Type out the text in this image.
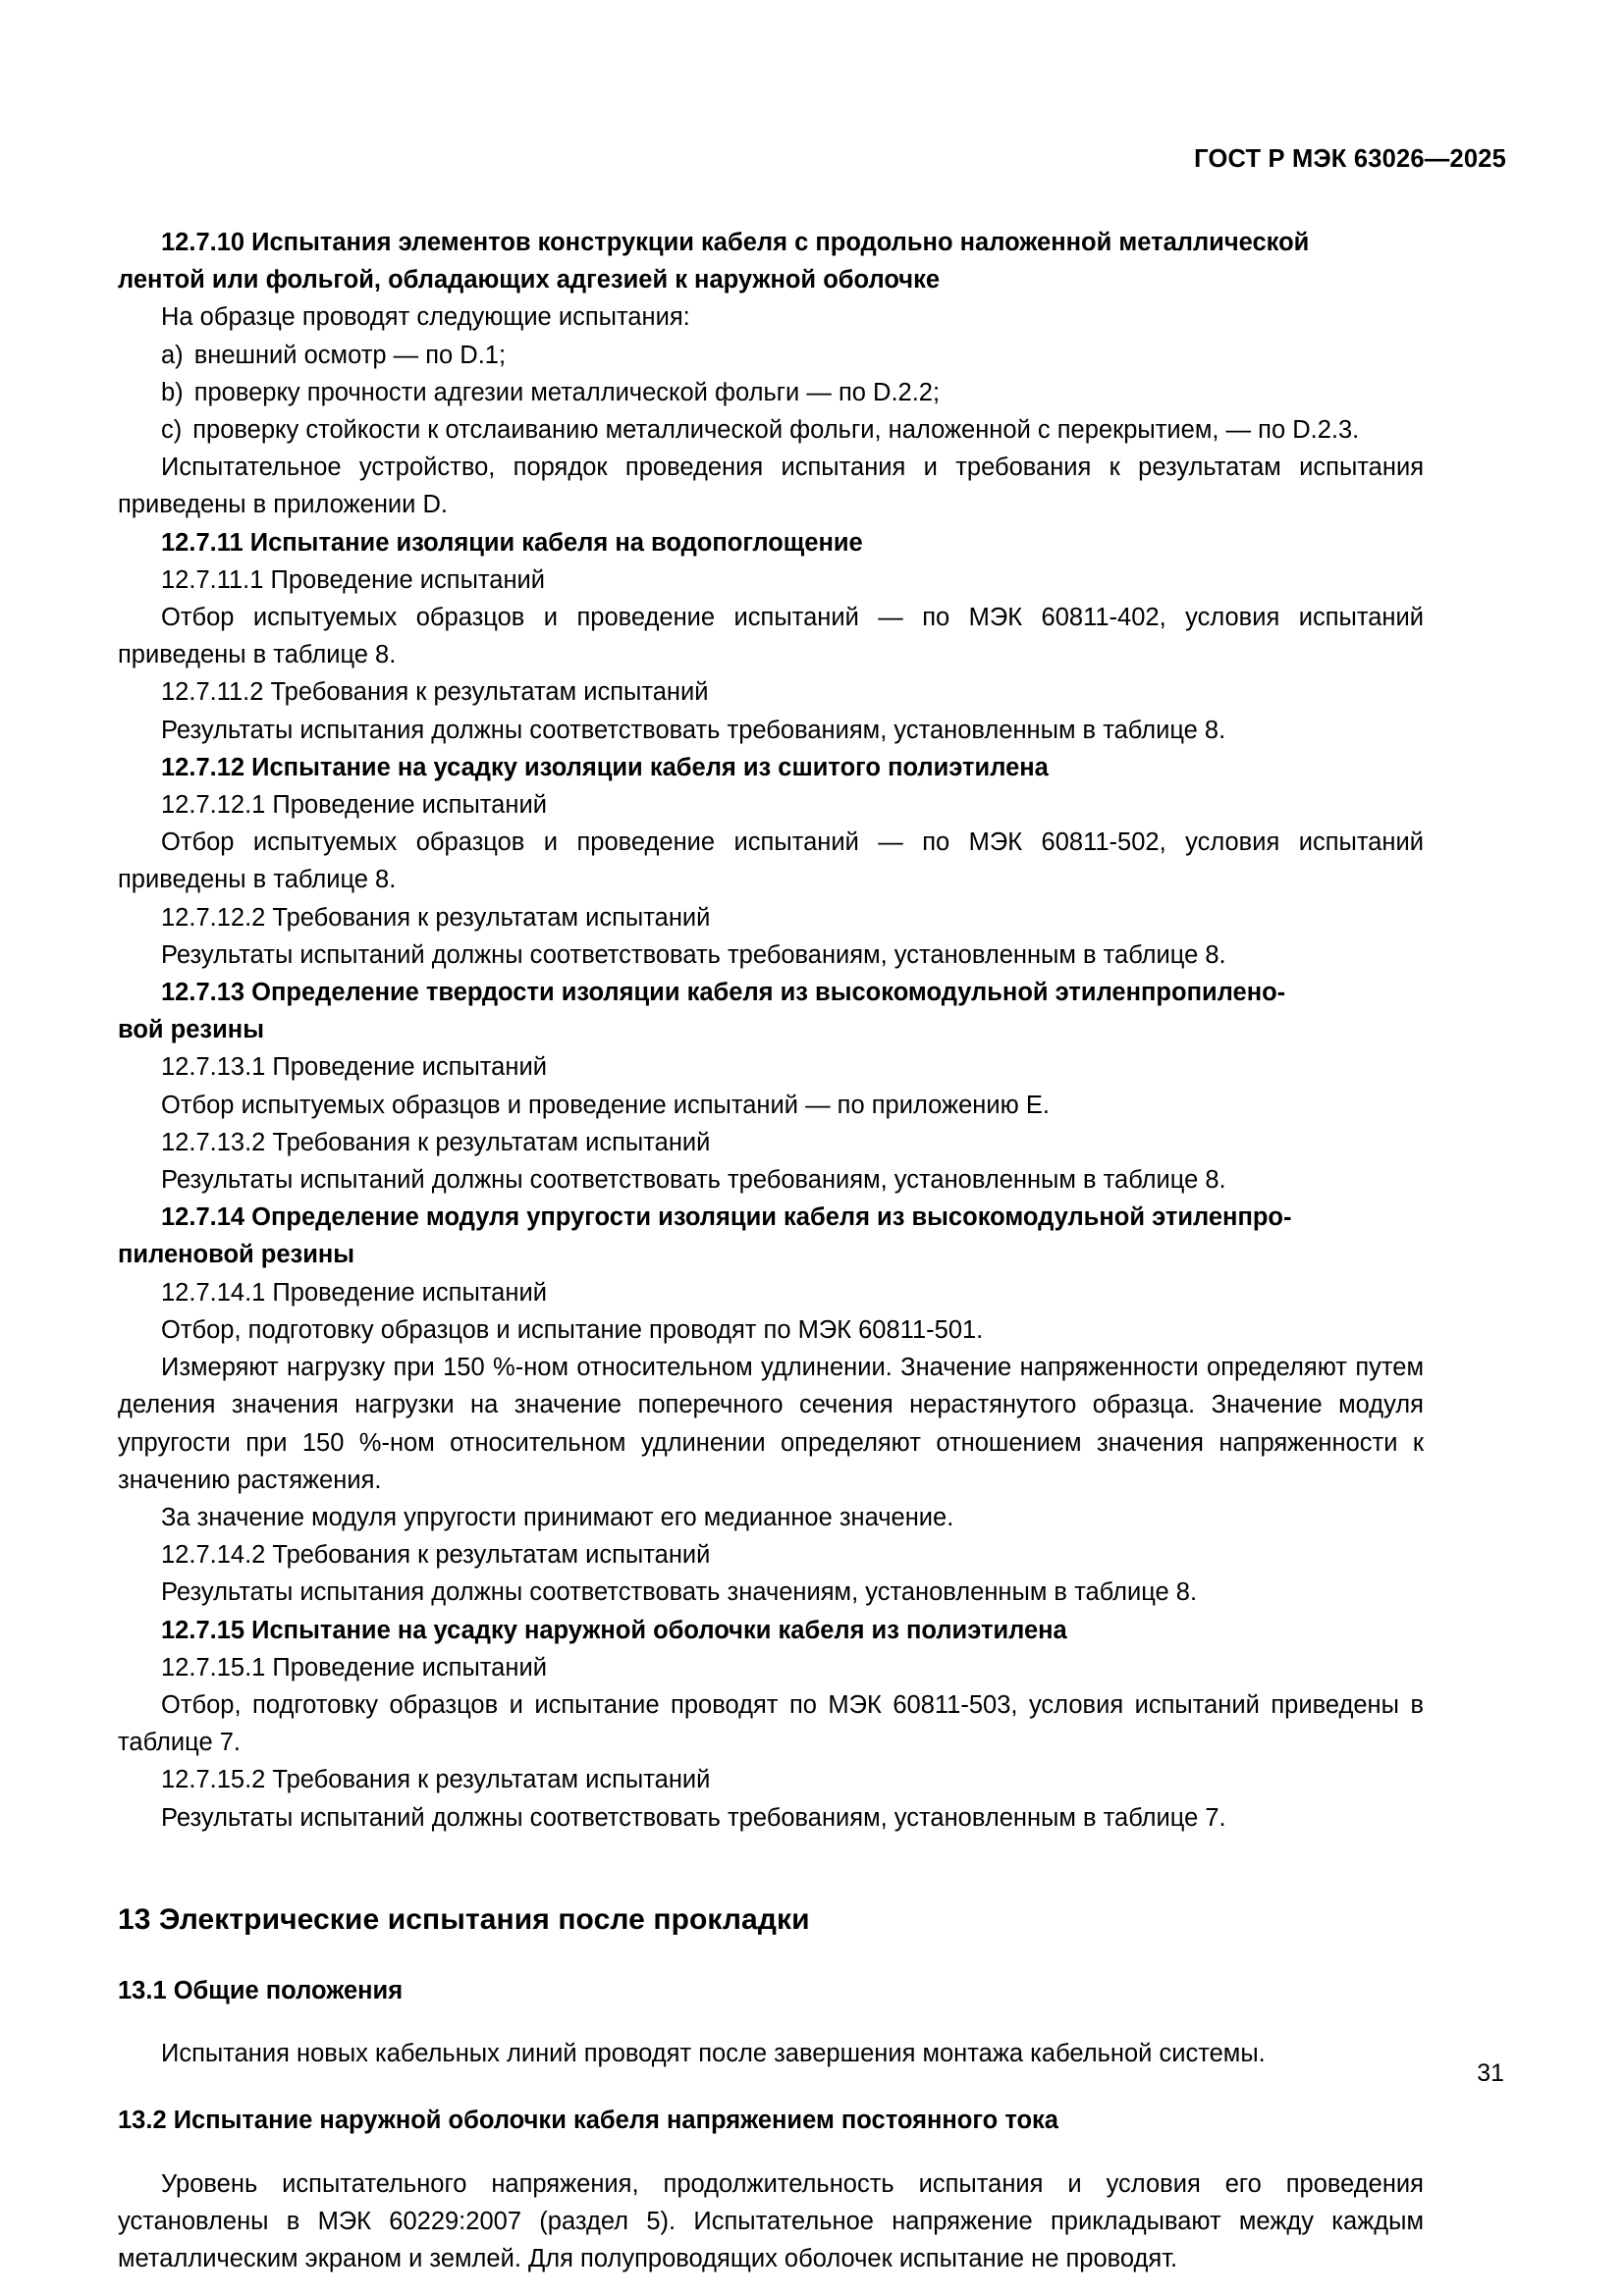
ГОСТ Р МЭК 63026—2025

12.7.10 Испытания элементов конструкции кабеля с продольно наложенной металлической

лентой или фольгой, обладающих адгезией к наружной оболочке

На образце проводят следующие испытания:

a) внешний осмотр — по D.1;

b) проверку прочности адгезии металлической фольги — по D.2.2;

c) проверку стойкости к отслаиванию металлической фольги, наложенной с перекрытием, — по D.2.3.

Испытательное устройство, порядок проведения испытания и требования к результатам испытания приведены в приложении D.

12.7.11 Испытание изоляции кабеля на водопоглощение

12.7.11.1 Проведение испытаний

Отбор испытуемых образцов и проведение испытаний — по МЭК 60811-402, условия испытаний приведены в таблице 8.

12.7.11.2 Требования к результатам испытаний

Результаты испытания должны соответствовать требованиям, установленным в таблице 8.

12.7.12 Испытание на усадку изоляции кабеля из сшитого полиэтилена

12.7.12.1 Проведение испытаний

Отбор испытуемых образцов и проведение испытаний — по МЭК 60811-502, условия испытаний приведены в таблице 8.

12.7.12.2 Требования к результатам испытаний

Результаты испытаний должны соответствовать требованиям, установленным в таблице 8.

12.7.13 Определение твердости изоляции кабеля из высокомодульной этиленпропилено-

вой резины

12.7.13.1 Проведение испытаний

Отбор испытуемых образцов и проведение испытаний — по приложению E.

12.7.13.2 Требования к результатам испытаний

Результаты испытаний должны соответствовать требованиям, установленным в таблице 8.

12.7.14 Определение модуля упругости изоляции кабеля из высокомодульной этиленпро-

пиленовой резины

12.7.14.1 Проведение испытаний

Отбор, подготовку образцов и испытание проводят по МЭК 60811-501.

Измеряют нагрузку при 150 %-ном относительном удлинении. Значение напряженности определяют путем деления значения нагрузки на значение поперечного сечения нерастянутого образца. Значение модуля упругости при 150 %-ном относительном удлинении определяют отношением значения напряженности к значению растяжения.

За значение модуля упругости принимают его медианное значение.

12.7.14.2 Требования к результатам испытаний

Результаты испытания должны соответствовать значениям, установленным в таблице 8.

12.7.15 Испытание на усадку наружной оболочки кабеля из полиэтилена

12.7.15.1 Проведение испытаний

Отбор, подготовку образцов и испытание проводят по МЭК 60811-503, условия испытаний приведены в таблице 7.

12.7.15.2 Требования к результатам испытаний

Результаты испытаний должны соответствовать требованиям, установленным в таблице 7.

13 Электрические испытания после прокладки

13.1 Общие положения

Испытания новых кабельных линий проводят после завершения монтажа кабельной системы.

13.2 Испытание наружной оболочки кабеля напряжением постоянного тока

Уровень испытательного напряжения, продолжительность испытания и условия его проведения установлены в МЭК 60229:2007 (раздел 5). Испытательное напряжение прикладывают между каждым металлическим экраном и землей. Для полупроводящих оболочек испытание не проводят.

31
